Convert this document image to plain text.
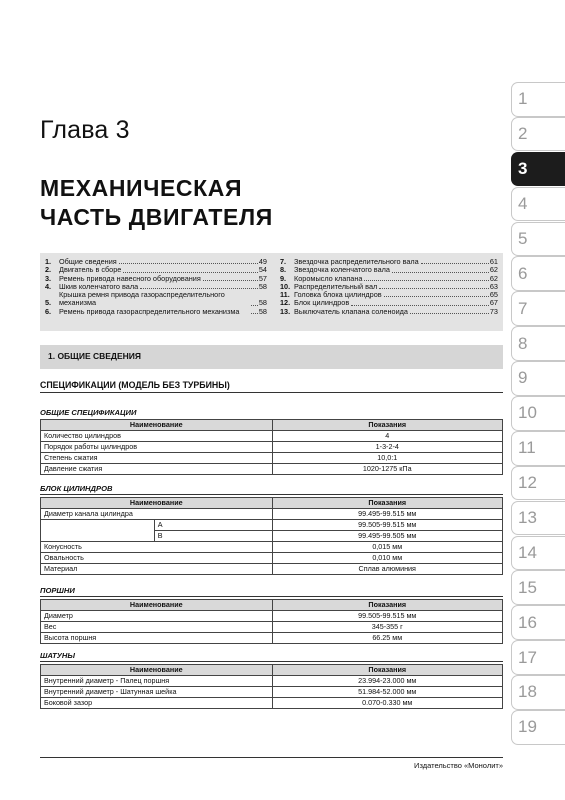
Глава 3
МЕХАНИЧЕСКАЯ
ЧАСТЬ ДВИГАТЕЛЯ
1.	Общие сведения	49
2.	Двигатель в сборе	54
3.	Ремень привода навесного оборудования	57
4.	Шкив коленчатого вала	58
5.
Крышка ремня привода газораспределительного механизма	58
6.	Ремень привода газораспределительного механизма	58
7.	Звездочка распределительного вала	61
8.	Звездочка коленчатого вала	62
9.	Коромысло клапана	62
10. Распределительный вал	63
11. Головка блока цилиндров	65
12. Блок цилиндров	67
13. Выключатель клапана соленоида	73
1. ОБЩИЕ СВЕДЕНИЯ
СПЕЦИФИКАЦИИ (МОДЕЛЬ БЕЗ ТУРБИНЫ)
ОБЩИЕ СПЕЦИФИКАЦИИ
Наименование	Показания
Количество цилиндров	4
Порядок работы цилиндров	1-3-2-4
Степень сжатия	10,0:1
Давление сжатия	1020-1275 кПа
БЛОК ЦИЛИНДРОВ
Наименование		Показания
Диаметр канала цилиндра		99.495-99.515 мм
	A	99.505-99.515 мм
	B	99.495-99.505 мм
Конусность		0,015 мм
Овальность		0,010 мм
Материал		Сплав алюминия
ПОРШНИ
Наименование	Показания
Диаметр	99.505-99.515 мм
Вес	345-355 г
Высота поршня	66.25 мм
ШАТУНЫ
Наименование	Показания
Внутренний диаметр - Палец поршня	23.994-23.000 мм
Внутренний диаметр - Шатунная шейка	51.984-52.000 мм
Боковой зазор	0.070-0.330 мм
Издательство «Монолит»
1
2
3
4
5
6
7
8
9
10
11
12
13
14
15
16
17
18
19
